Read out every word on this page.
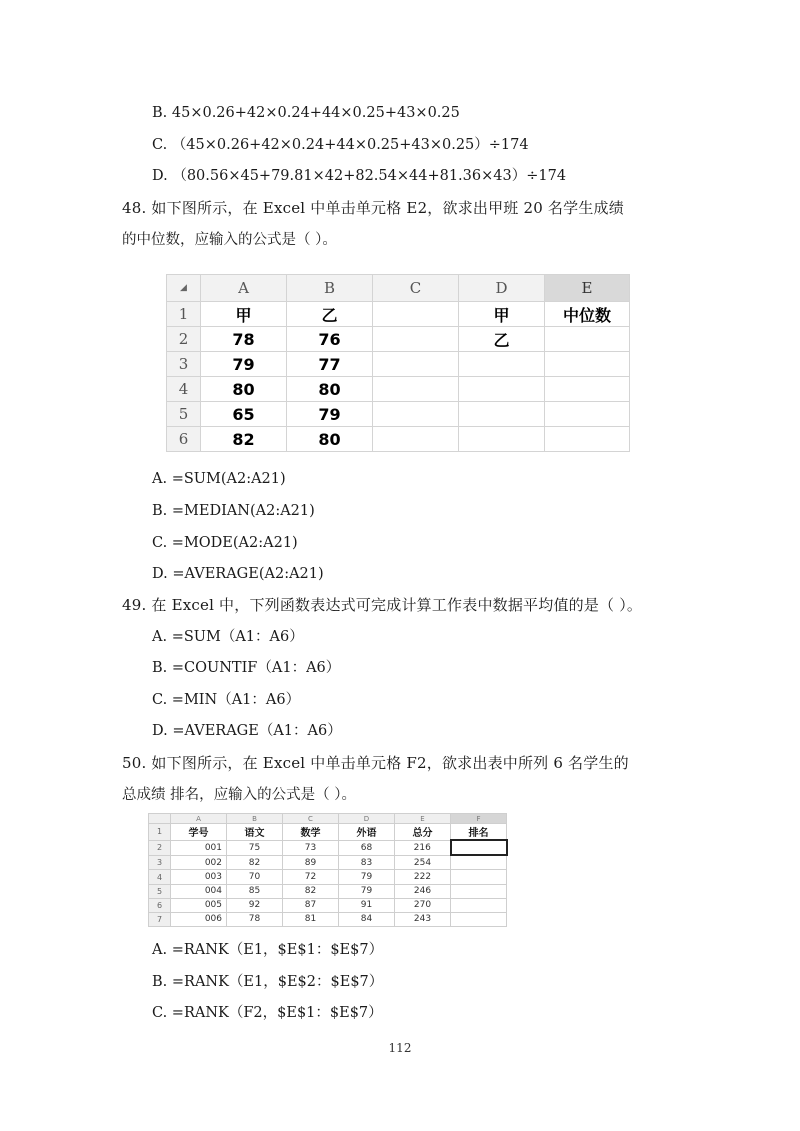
B. 45×0.26+42×0.24+44×0.25+43×0.25
C. （45×0.26+42×0.24+44×0.25+43×0.25）÷174
D. （80.56×45+79.81×42+82.54×44+81.36×43）÷174
48. 如下图所示，在 Excel 中单击单元格 E2，欲求出甲班 20 名学生成绩
的中位数，应输入的公式是（ ）。
◢	A	B	C	D	E
1	甲	乙		甲	中位数
2	78	76		乙	
3	79	77			
4	80	80			
5	65	79			
6	82	80			
A. =SUM(A2:A21)
B. =MEDIAN(A2:A21)
C. =MODE(A2:A21)
D. =AVERAGE(A2:A21)
49. 在 Excel 中，下列函数表达式可完成计算工作表中数据平均值的是（ ）。
A. =SUM（A1：A6）
B. =COUNTIF（A1：A6）
C. =MIN（A1：A6）
D. =AVERAGE（A1：A6）
50. 如下图所示，在 Excel 中单击单元格 F2，欲求出表中所列 6 名学生的
总成绩 排名，应输入的公式是（ ）。
	A	B	C	D	E	F
1	学号	语文	数学	外语	总分	排名
2	001	75	73	68	216	
3	002	82	89	83	254	
4	003	70	72	79	222	
5	004	85	82	79	246	
6	005	92	87	91	270	
7	006	78	81	84	243	
A. =RANK（E1，$E$1：$E$7）
B. =RANK（E1，$E$2：$E$7）
C. =RANK（F2，$E$1：$E$7）
112
